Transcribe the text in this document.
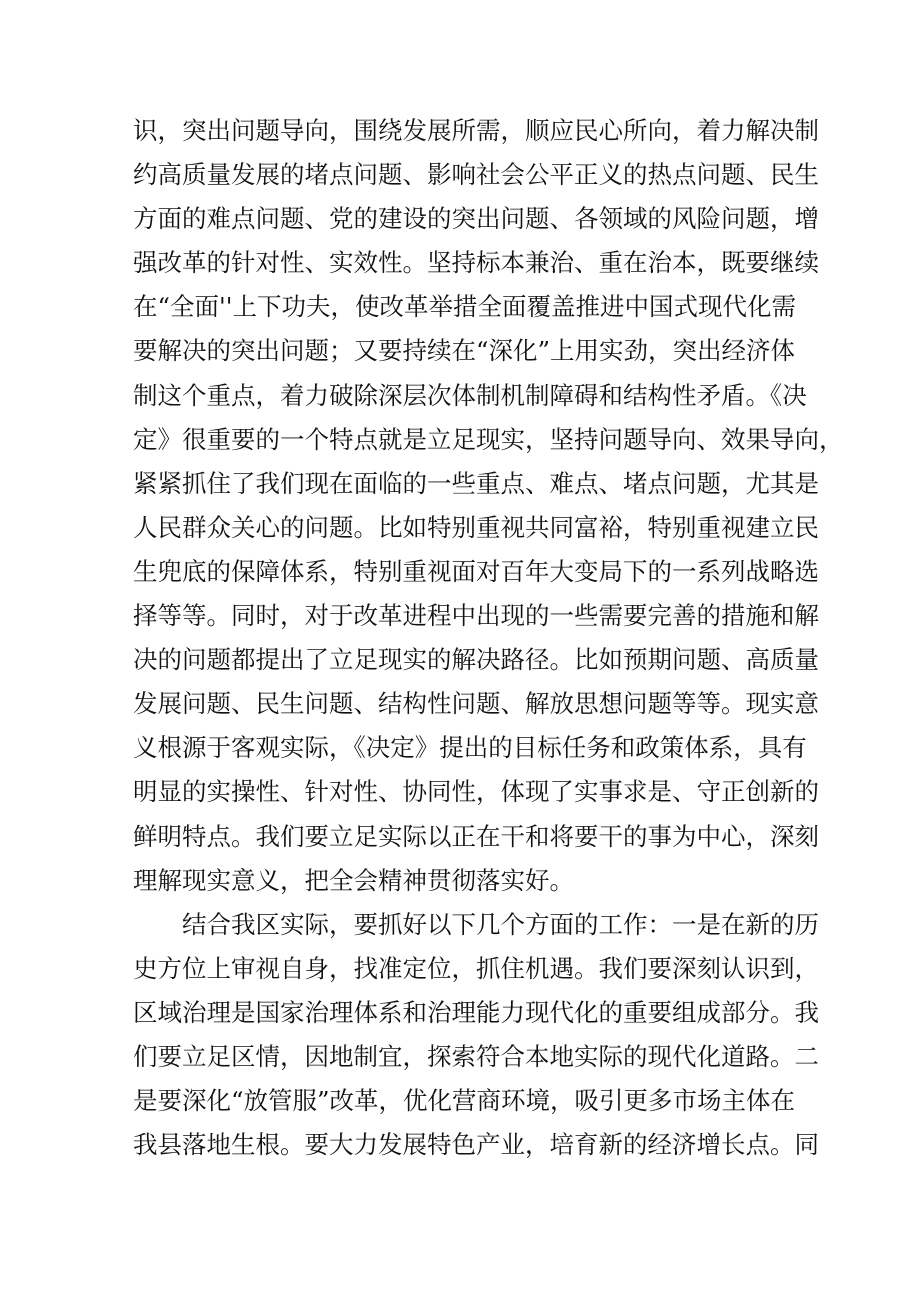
识，突出问题导向，围绕发展所需，顺应民心所向，着力解决制
约高质量发展的堵点问题、影响社会公平正义的热点问题、民生
方面的难点问题、党的建设的突出问题、各领域的风险问题，增
强改革的针对性、实效性。坚持标本兼治、重在治本，既要继续
在“全面''上下功夫，使改革举措全面覆盖推进中国式现代化需
要解决的突出问题；又要持续在“深化”上用实劲，突出经济体
制这个重点，着力破除深层次体制机制障碍和结构性矛盾。《决
定》很重要的一个特点就是立足现实，坚持问题导向、效果导向，
紧紧抓住了我们现在面临的一些重点、难点、堵点问题，尤其是
人民群众关心的问题。比如特别重视共同富裕，特别重视建立民
生兜底的保障体系，特别重视面对百年大变局下的一系列战略选
择等等。同时，对于改革进程中出现的一些需要完善的措施和解
决的问题都提出了立足现实的解决路径。比如预期问题、高质量
发展问题、民生问题、结构性问题、解放思想问题等等。现实意
义根源于客观实际，《决定》提出的目标任务和政策体系，具有
明显的实操性、针对性、协同性，体现了实事求是、守正创新的
鲜明特点。我们要立足实际以正在干和将要干的事为中心，深刻
理解现实意义，把全会精神贯彻落实好。
结合我区实际，要抓好以下几个方面的工作：一是在新的历
史方位上审视自身，找准定位，抓住机遇。我们要深刻认识到，
区域治理是国家治理体系和治理能力现代化的重要组成部分。我
们要立足区情，因地制宜，探索符合本地实际的现代化道路。二
是要深化“放管服”改革，优化营商环境，吸引更多市场主体在
我县落地生根。要大力发展特色产业，培育新的经济增长点。同
